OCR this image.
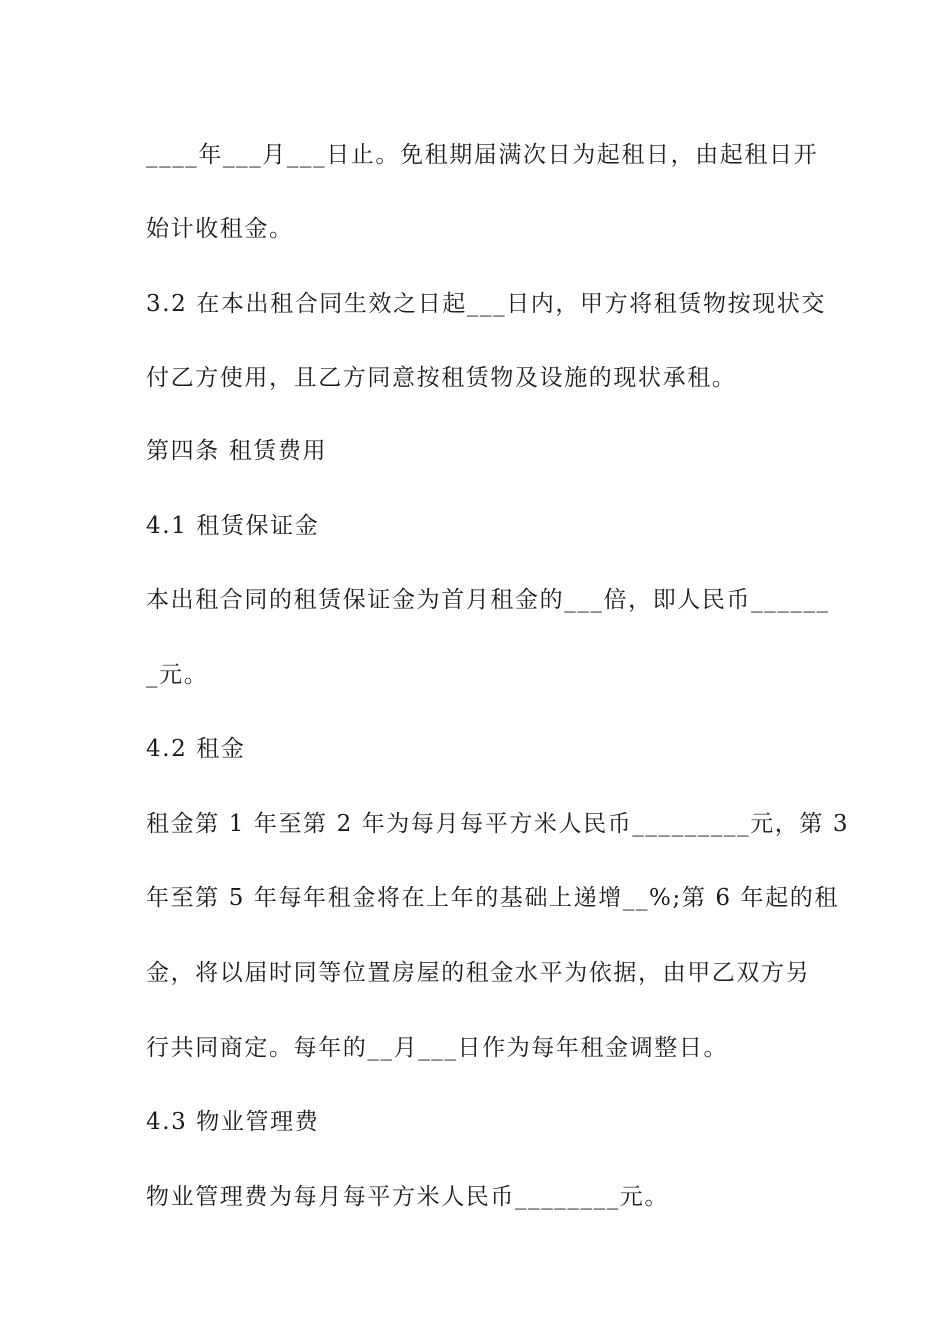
____年___月___日止。免租期届满次日为起租日，由起租日开
始计收租金。
3.2 在本出租合同生效之日起___日内，甲方将租赁物按现状交
付乙方使用，且乙方同意按租赁物及设施的现状承租。
第四条 租赁费用
4.1 租赁保证金
本出租合同的租赁保证金为首月租金的___倍，即人民币______
_元。
4.2 租金
租金第 1 年至第 2 年为每月每平方米人民币_________元，第 3
年至第 5 年每年租金将在上年的基础上递增__%;第 6 年起的租
金，将以届时同等位置房屋的租金水平为依据，由甲乙双方另
行共同商定。每年的__月___日作为每年租金调整日。
4.3 物业管理费
物业管理费为每月每平方米人民币________元。
